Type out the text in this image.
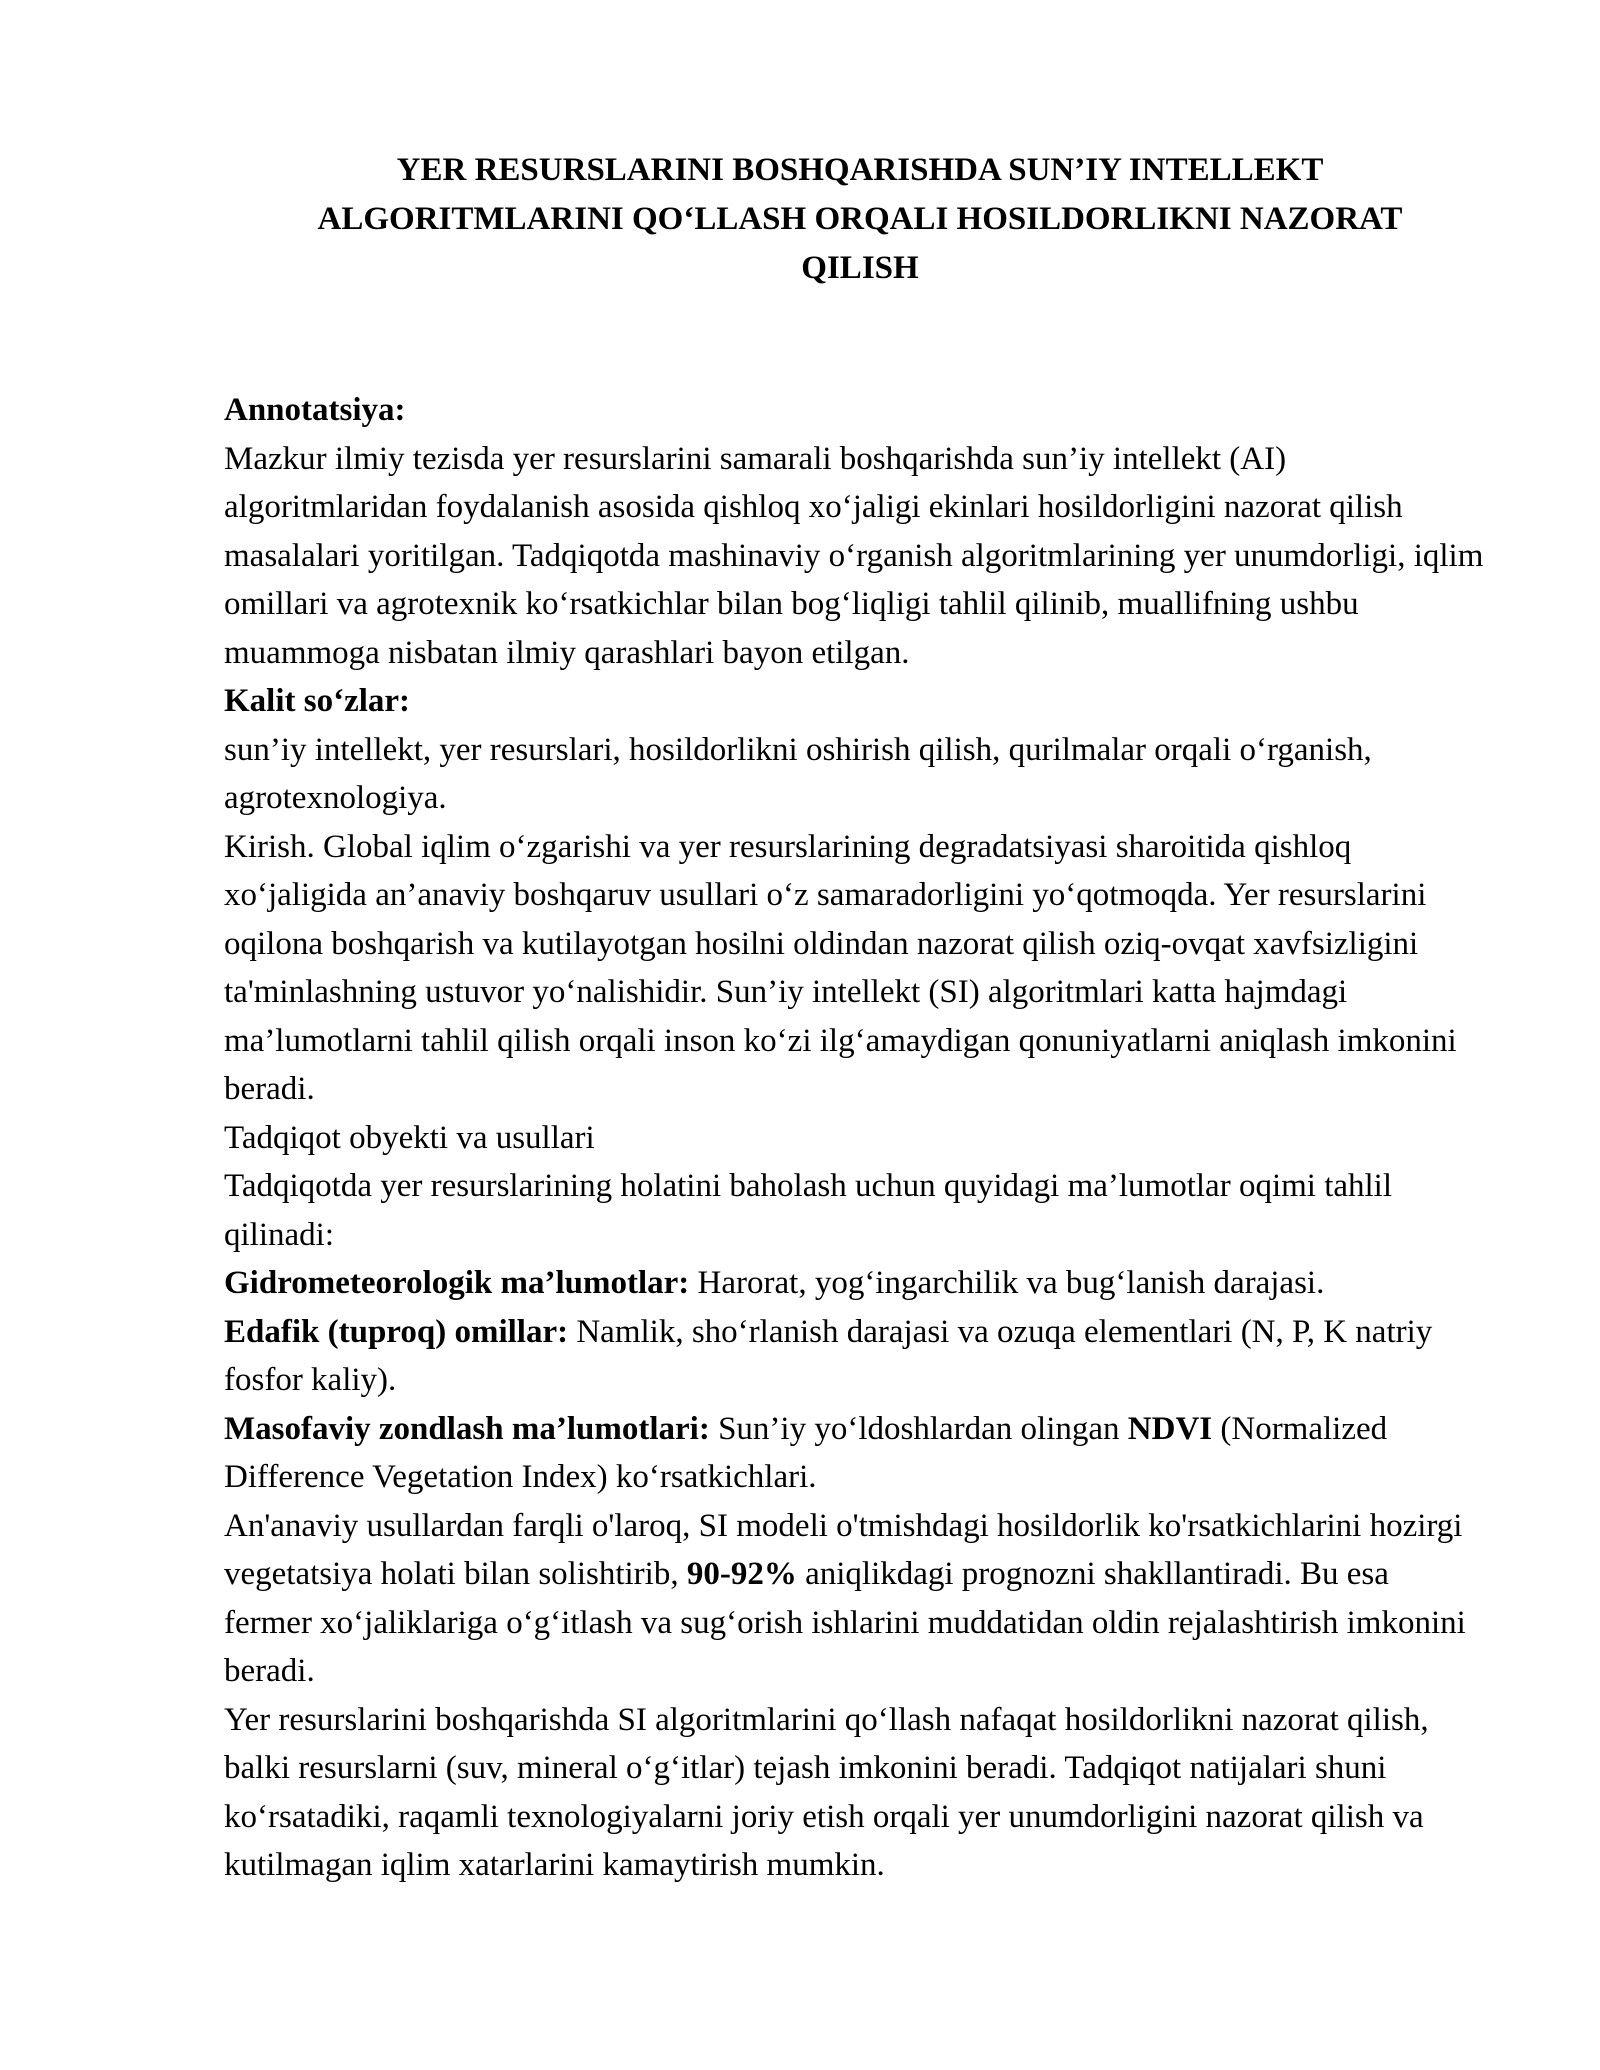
YER RESURSLARINI BOSHQARISHDA SUN’IY INTELLEKT
ALGORITMLARINI QO‘LLASH ORQALI HOSILDORLIKNI NAZORAT
QILISH

Annotatsiya:

Mazkur ilmiy tezisda yer resurslarini samarali boshqarishda sun’iy intellekt (AI) algoritmlaridan foydalanish asosida qishloq xo‘jaligi ekinlari hosildorligini nazorat qilish masalalari yoritilgan. Tadqiqotda mashinaviy o‘rganish algoritmlarining yer unumdorligi, iqlim omillari va agrotexnik ko‘rsatkichlar bilan bog‘liqligi tahlil qilinib, muallifning ushbu muammoga nisbatan ilmiy qarashlari bayon etilgan.

Kalit so‘zlar:

sun’iy intellekt, yer resurslari, hosildorlikni oshirish qilish, qurilmalar orqali o‘rganish, agrotexnologiya.

Kirish. Global iqlim o‘zgarishi va yer resurslarining degradatsiyasi sharoitida qishloq xo‘jaligida an’anaviy boshqaruv usullari o‘z samaradorligini yo‘qotmoqda. Yer resurslarini oqilona boshqarish va kutilayotgan hosilni oldindan nazorat qilish oziq-ovqat xavfsizligini ta'minlashning ustuvor yo‘nalishidir. Sun’iy intellekt (SI) algoritmlari katta hajmdagi ma’lumotlarni tahlil qilish orqali inson ko‘zi ilg‘amaydigan qonuniyatlarni aniqlash imkonini beradi.

Tadqiqot obyekti va usullari

Tadqiqotda yer resurslarining holatini baholash uchun quyidagi ma’lumotlar oqimi tahlil qilinadi:

Gidrometeorologik ma’lumotlar: Harorat, yog‘ingarchilik va bug‘lanish darajasi.

Edafik (tuproq) omillar: Namlik, sho‘rlanish darajasi va ozuqa elementlari (N, P, K natriy fosfor kaliy).

Masofaviy zondlash ma’lumotlari: Sun’iy yo‘ldoshlardan olingan NDVI (Normalized Difference Vegetation Index) ko‘rsatkichlari.

An'anaviy usullardan farqli o'laroq, SI modeli o'tmishdagi hosildorlik ko'rsatkichlarini hozirgi vegetatsiya holati bilan solishtirib, 90-92% aniqlikdagi prognozni shakllantiradi. Bu esa fermer xo‘jaliklariga o‘g‘itlash va sug‘orish ishlarini muddatidan oldin rejalashtirish imkonini beradi.

Yer resurslarini boshqarishda SI algoritmlarini qo‘llash nafaqat hosildorlikni nazorat qilish, balki resurslarni (suv, mineral o‘g‘itlar) tejash imkonini beradi. Tadqiqot natijalari shuni ko‘rsatadiki, raqamli texnologiyalarni joriy etish orqali yer unumdorligini nazorat qilish va kutilmagan iqlim xatarlarini kamaytirish mumkin.
